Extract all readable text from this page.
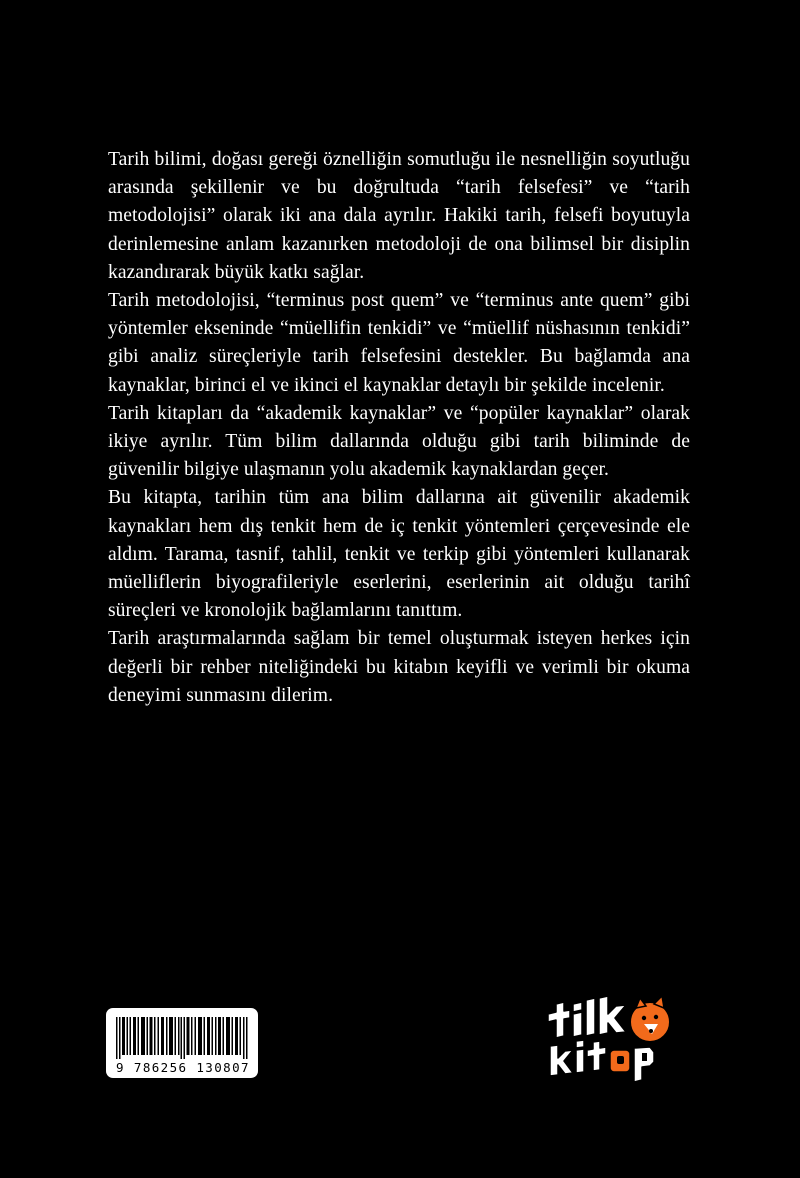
Tarih bilimi, doğası gereği öznelliğin somutluğu ile nesnelliğin soyutluğu arasında şekillenir ve bu doğrultuda “tarih felsefesi” ve “tarih metodolojisi” olarak iki ana dala ayrılır. Hakiki tarih, felsefi boyutuyla derinlemesine anlam kazanırken metodoloji de ona bilimsel bir disiplin kazandırarak büyük katkı sağlar.

Tarih metodolojisi, “terminus post quem” ve “terminus ante quem” gibi yöntemler ekseninde “müellifin tenkidi” ve “müellif nüshasının tenkidi” gibi analiz süreçleriyle tarih felsefesini destekler. Bu bağlamda ana kaynaklar, birinci el ve ikinci el kaynaklar detaylı bir şekilde incelenir.

Tarih kitapları da “akademik kaynaklar” ve “popüler kaynaklar” olarak ikiye ayrılır. Tüm bilim dallarında olduğu gibi tarih biliminde de güvenilir bilgiye ulaşmanın yolu akademik kaynaklardan geçer.

Bu kitapta, tarihin tüm ana bilim dallarına ait güvenilir akademik kaynakları hem dış tenkit hem de iç tenkit yöntemleri çerçevesinde ele aldım. Tarama, tasnif, tahlil, tenkit ve terkip gibi yöntemleri kullanarak müelliflerin biyografileriyle eserlerini, eserlerinin ait olduğu tarihî süreçleri ve kronolojik bağlamlarını tanıttım.

Tarih araştırmalarında sağlam bir temel oluşturmak isteyen herkes için değerli bir rehber niteliğindeki bu kitabın keyifli ve verimli bir okuma deneyimi sunmasını dilerim.

9 786256 130807
